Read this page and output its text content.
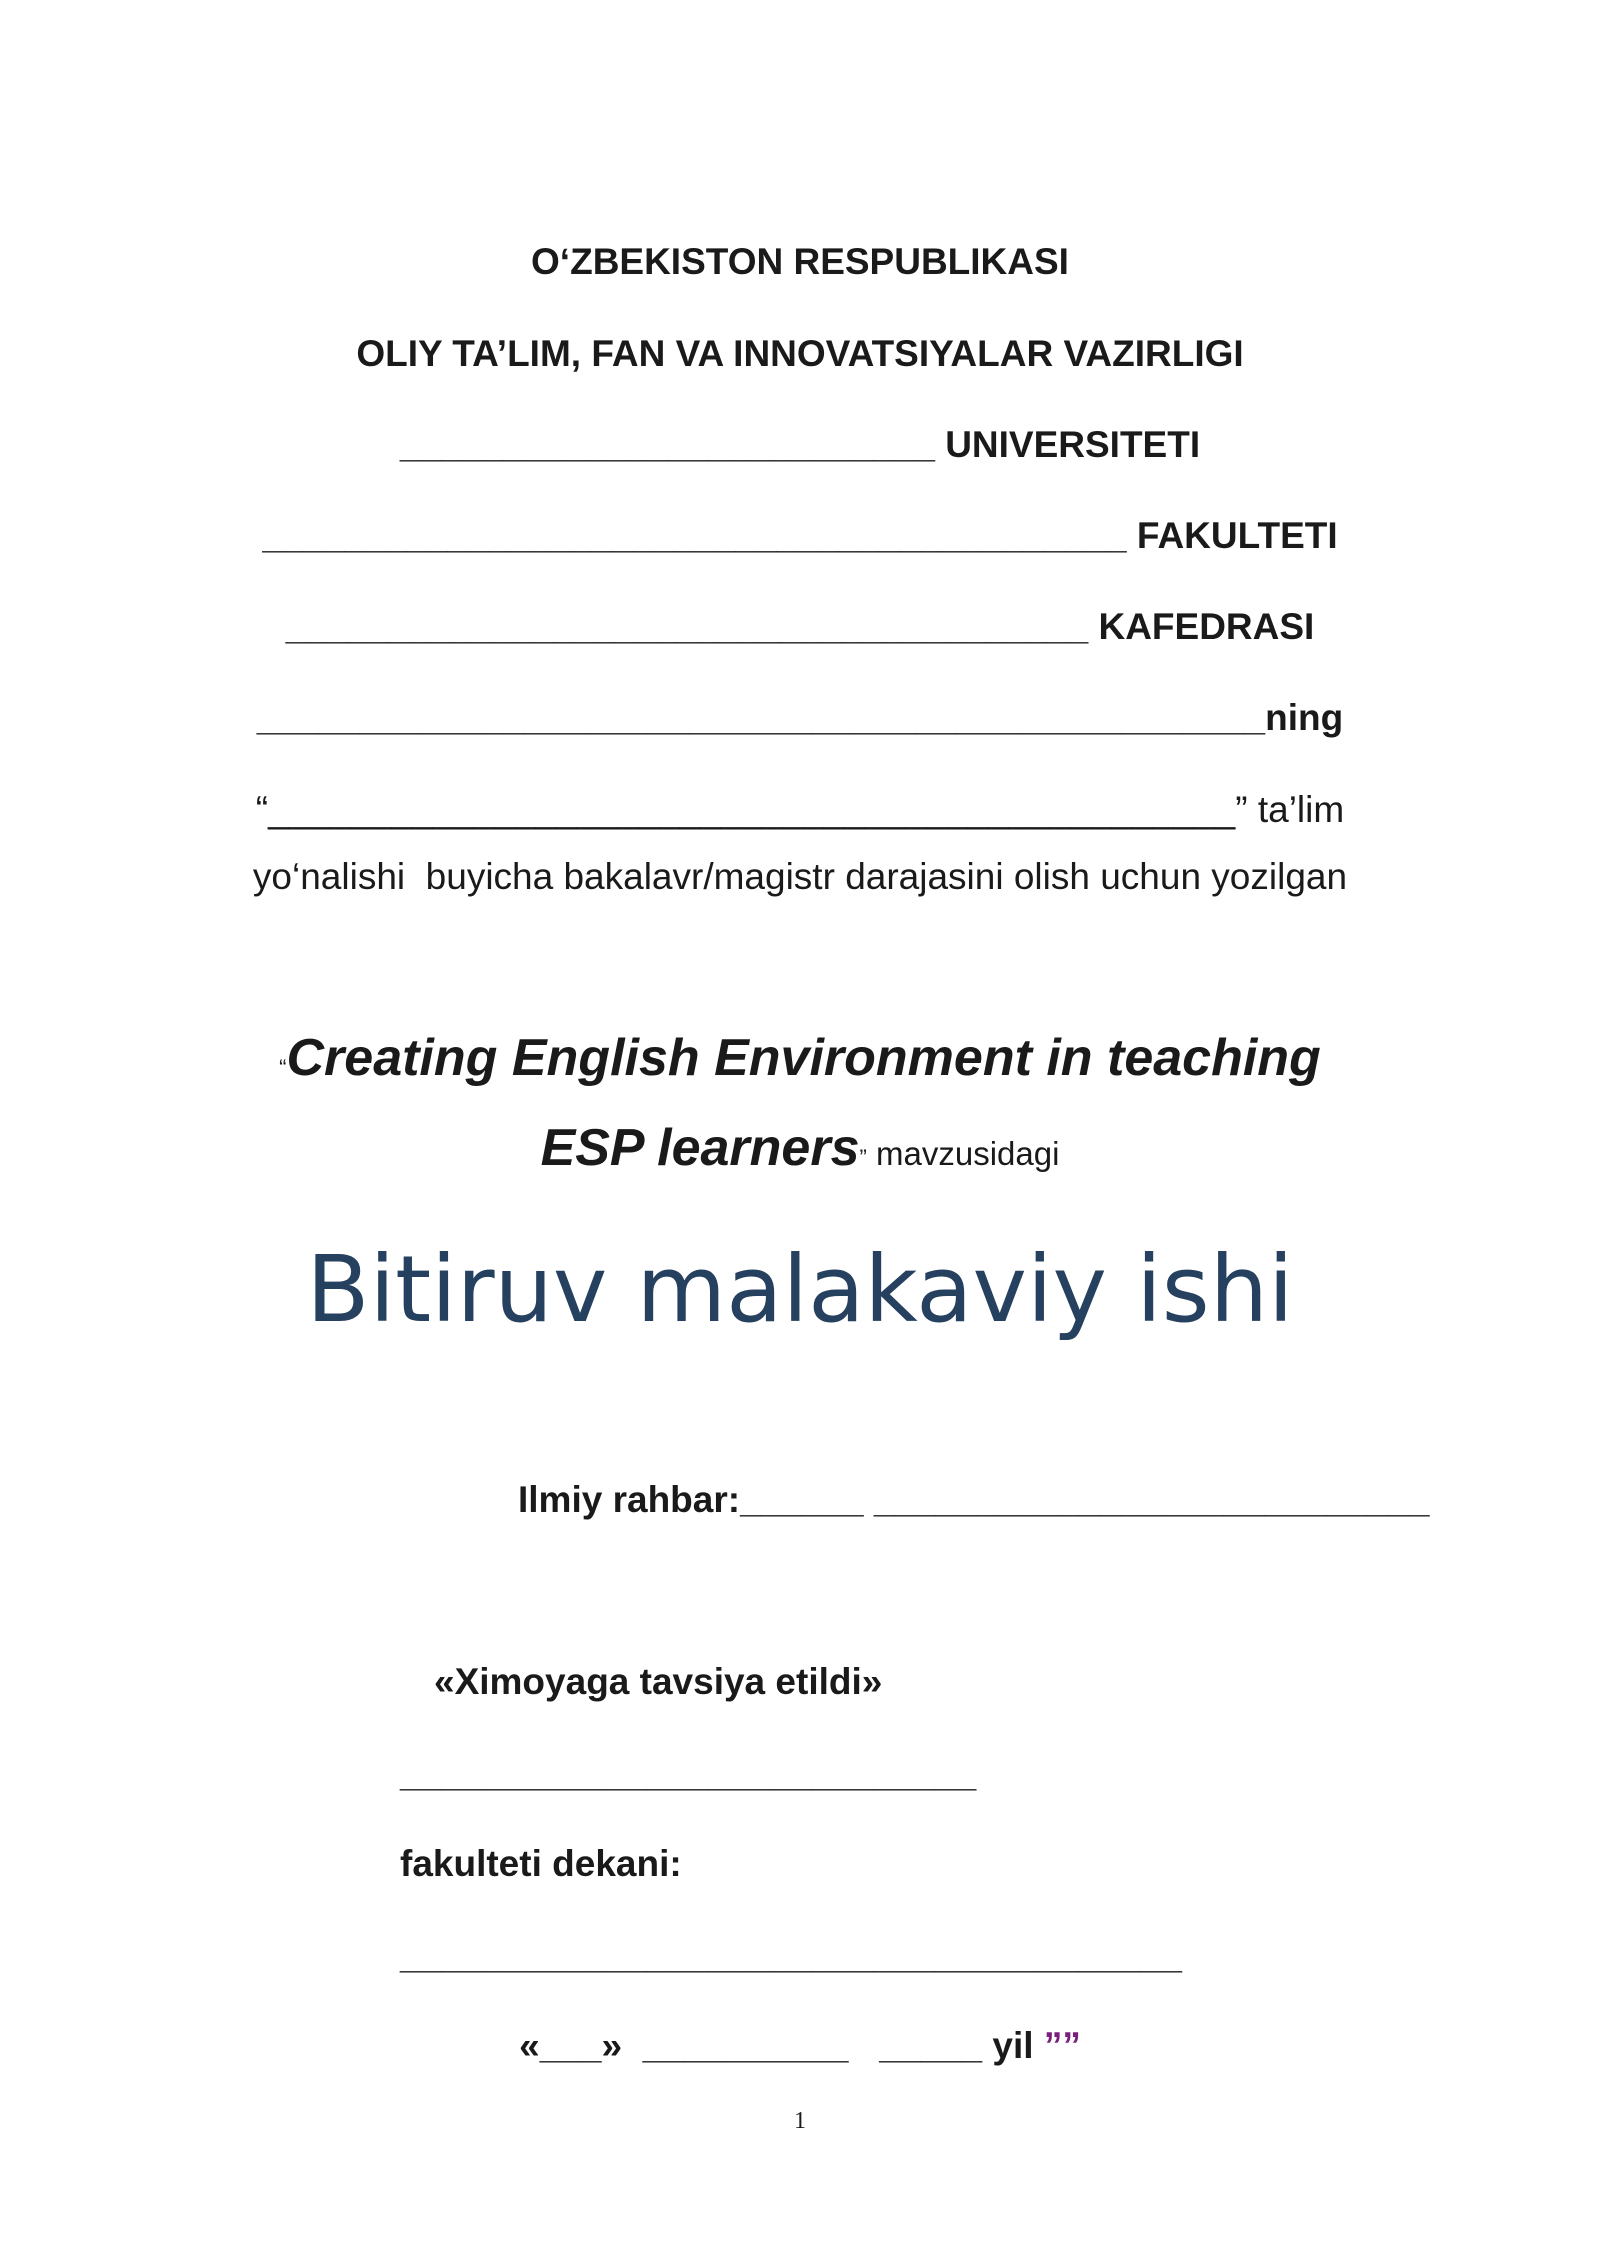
O‘ZBEKISTON RESPUBLIKASI
OLIY TA’LIM, FAN VA INNOVATSIYALAR VAZIRLIGI
__________________________ UNIVERSITETI
__________________________________________ FAKULTETI
_______________________________________ KAFEDRASI
_________________________________________________ning
“_______________________________________________” ta’lim
yo‘nalishi  buyicha bakalavr/magistr darajasini olish uchun yozilgan
“Creating English Environment in teaching ESP learners” mavzusidagi
Bitiruv malakaviy ishi
Ilmiy rahbar:______ ___________________________
«Ximoyaga tavsiya etildi»
____________________________
fakulteti dekani:
______________________________________
«___»  __________   _____ yil ””
1
